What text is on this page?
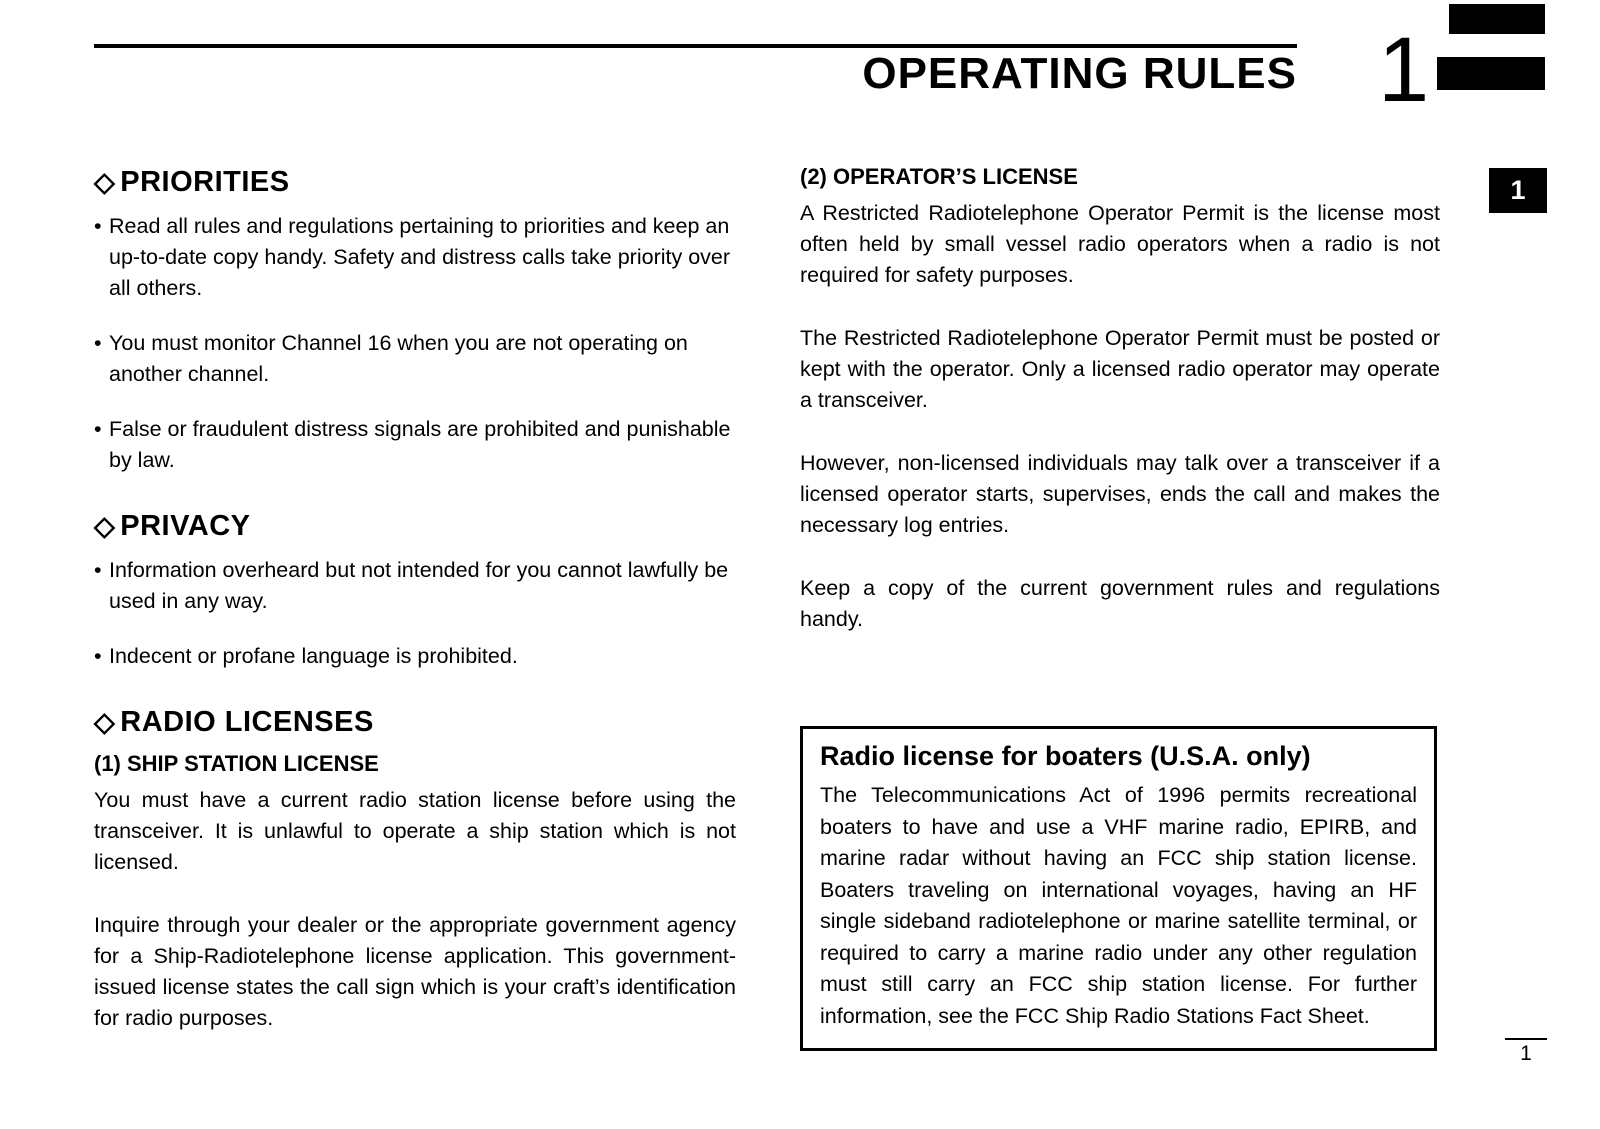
OPERATING RULES 1
1
◇ PRIORITIES
• Read all rules and regulations pertaining to priorities and keep an up-to-date copy handy. Safety and distress calls take priority over all others.
• You must monitor Channel 16 when you are not operating on another channel.
• False or fraudulent distress signals are prohibited and punishable by law.
◇ PRIVACY
• Information overheard but not intended for you cannot lawfully be used in any way.
• Indecent or profane language is prohibited.
◇ RADIO LICENSES
(1) SHIP STATION LICENSE

You must have a current radio station license before using the transceiver. It is unlawful to operate a ship station which is not licensed.

Inquire through your dealer or the appropriate government agency for a Ship-Radiotelephone license application. This government-issued license states the call sign which is your craft’s identification for radio purposes.

(2) OPERATOR’S LICENSE

A Restricted Radiotelephone Operator Permit is the license most often held by small vessel radio operators when a radio is not required for safety purposes.

The Restricted Radiotelephone Operator Permit must be posted or kept with the operator. Only a licensed radio operator may operate a transceiver.

However, non-licensed individuals may talk over a transceiver if a licensed operator starts, supervises, ends the call and makes the necessary log entries.

Keep a copy of the current government rules and regulations handy.

Radio license for boaters (U.S.A. only)

The Telecommunications Act of 1996 permits recreational boaters to have and use a VHF marine radio, EPIRB, and marine radar without having an FCC ship station license. Boaters traveling on international voyages, having an HF single sideband radiotelephone or marine satellite terminal, or required to carry a marine radio under any other regulation must still carry an FCC ship station license. For further information, see the FCC Ship Radio Stations Fact Sheet.

1
